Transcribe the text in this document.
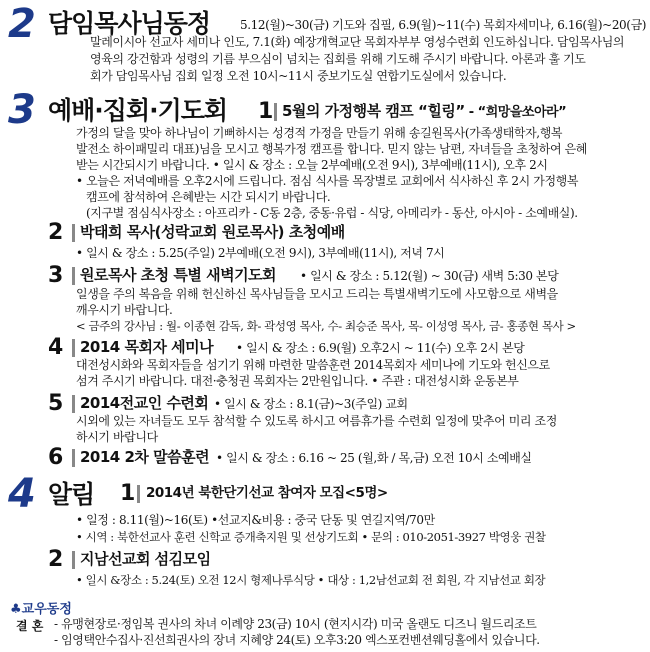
2 담임목사님동정 5.12(월)~30(금) 기도와 집필, 6.9(월)~11(수) 목회자세미나, 6.16(월)~20(금)
말레이시아 선교사 세미나 인도, 7.1(화) 예장개혁교단 목회자부부 영성수련회 인도하십니다. 담임목사님의
영육의 강건함과 성령의 기름 부으심이 넘치는 집회를 위해 기도해 주시기 바랍니다. 아론과 훌 기도
회가 담임목사님 집회 일정 오전 10시~11시 중보기도실 연합기도실에서 있습니다.
3 예배·집회·기도회 1 5월의 가정행복 캠프 “힐링” - “희망을쏘아라”
가정의 달을 맞아 하나님이 기뻐하시는 성경적 가정을 만들기 위해 송길원목사(가족생태학자,행복
발전소 하이패밀리 대표)님을 모시고 행복가정 캠프를 합니다. 믿지 않는 남편, 자녀들을 초청하여 은혜
받는 시간되시기 바랍니다. • 일시 & 장소 : 오늘 2부예배(오전 9시), 3부예배(11시), 오후 2시
• 오늘은 저녁예배를 오후2시에 드립니다. 점심 식사를 목장별로 교회에서 식사하신 후 2시 가정행복
캠프에 참석하여 은혜받는 시간 되시기 바랍니다.
(지구별 점심식사장소 : 아프리카 - C동 2층, 중동·유럽 - 식당, 아메리카 - 동산, 아시아 - 소예배실).
2 박태희 목사(성락교회 원로목사) 초청예배
• 일시 & 장소 : 5.25(주일) 2부예배(오전 9시), 3부예배(11시), 저녁 7시
3 원로목사 초청 특별 새벽기도회 • 일시 & 장소 : 5.12(월) ~ 30(금) 새벽 5:30 본당
일생을 주의 복음을 위해 헌신하신 목사님들을 모시고 드리는 특별새벽기도에 사모함으로 새벽을
깨우시기 바랍니다.
< 금주의 강사님 : 월- 이종현 감독, 화- 곽성영 목사, 수- 최승준 목사, 목- 이성영 목사, 금- 홍종현 목사 >
4 2014 목회자 세미나 • 일시 & 장소 : 6.9(월) 오후2시 ~ 11(수) 오후 2시 본당
대전성시화와 목회자들을 섬기기 위해 마련한 말씀훈련 2014목회자 세미나에 기도와 헌신으로
섬겨 주시기 바랍니다. 대전·충청권 목회자는 2만원입니다. • 주관 : 대전성시화 운동본부
5 2014전교인 수련회 • 일시 & 장소 : 8.1(금)~3(주일) 교회
시외에 있는 자녀들도 모두 참석할 수 있도록 하시고 여름휴가를 수련회 일정에 맞추어 미리 조정
하시기 바랍니다
6 2014 2차 말씀훈련 • 일시 & 장소 : 6.16 ~ 25 (월,화 / 목,금) 오전 10시 소예배실
4 알림 1 2014년 북한단기선교 참여자 모집<5명>
• 일정 : 8.11(월)~16(토) •선교지&비용 : 중국 단동 및 연길지역/70만
• 시역 : 북한선교사 훈련 신학교 증개축지원 및 선상기도회 • 문의 : 010-2051-3927 박영웅 권찰
2 지남선교회 섬김모임
• 일시 &장소 : 5.24(토) 오전 12시 형제나루식당 • 대상 : 1,2남선교회 전 회원, 각 지남선교 회장
♣교우동정
결 혼 - 유맹현장로·정임복 권사의 차녀 이례양 23(금) 10시 (현지시각) 미국 올랜도 디즈니 월드리조트
- 임영택안수집사·진선희권사의 장녀 지혜양 24(토) 오후3:20 엑스포컨벤션웨딩홀에서 있습니다.
